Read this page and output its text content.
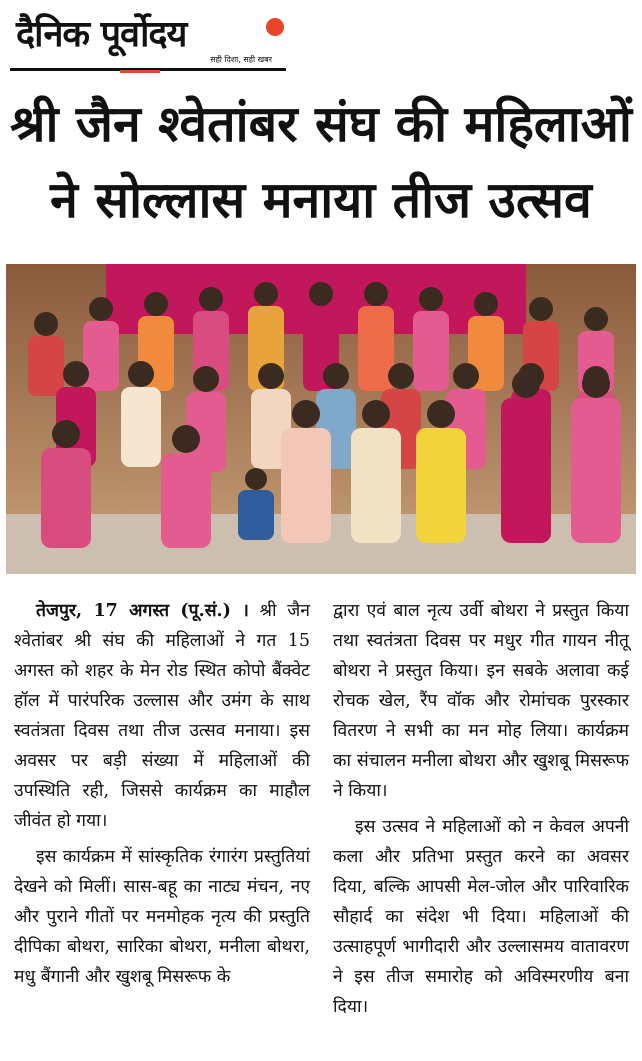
दैनिक पूर्वोदय
सही दिशा, सही खबर
श्री जैन श्वेतांबर संघ की महिलाओं
ने सोल्लास मनाया तीज उत्सव

तेजपुर, 17 अगस्त (पू.सं.) । श्री जैन श्वेतांबर श्री संघ की महिलाओं ने गत 15 अगस्त को शहर के मेन रोड स्थित कोपो बैंक्वेट हॉल में पारंपरिक उल्लास और उमंग के साथ स्वतंत्रता दिवस तथा तीज उत्सव मनाया। इस अवसर पर बड़ी संख्या में महिलाओं की उपस्थिति रही, जिससे कार्यक्रम का माहौल जीवंत हो गया।

इस कार्यक्रम में सांस्कृतिक रंगारंग प्रस्तुतियां देखने को मिलीं। सास-बहू का नाट्य मंचन, नए और पुराने गीतों पर मनमोहक नृत्य की प्रस्तुति दीपिका बोथरा, सारिका बोथरा, मनीला बोथरा, मधु बैंगानी और खुशबू मिसरूफ के

द्वारा एवं बाल नृत्य उर्वी बोथरा ने प्रस्तुत किया तथा स्वतंत्रता दिवस पर मधुर गीत गायन नीतू बोथरा ने प्रस्तुत किया। इन सबके अलावा कई रोचक खेल, रैंप वॉक और रोमांचक पुरस्कार वितरण ने सभी का मन मोह लिया। कार्यक्रम का संचालन मनीला बोथरा और खुशबू मिसरूफ ने किया।

इस उत्सव ने महिलाओं को न केवल अपनी कला और प्रतिभा प्रस्तुत करने का अवसर दिया, बल्कि आपसी मेल-जोल और पारिवारिक सौहार्द का संदेश भी दिया। महिलाओं की उत्साहपूर्ण भागीदारी और उल्लासमय वातावरण ने इस तीज समारोह को अविस्मरणीय बना दिया।
